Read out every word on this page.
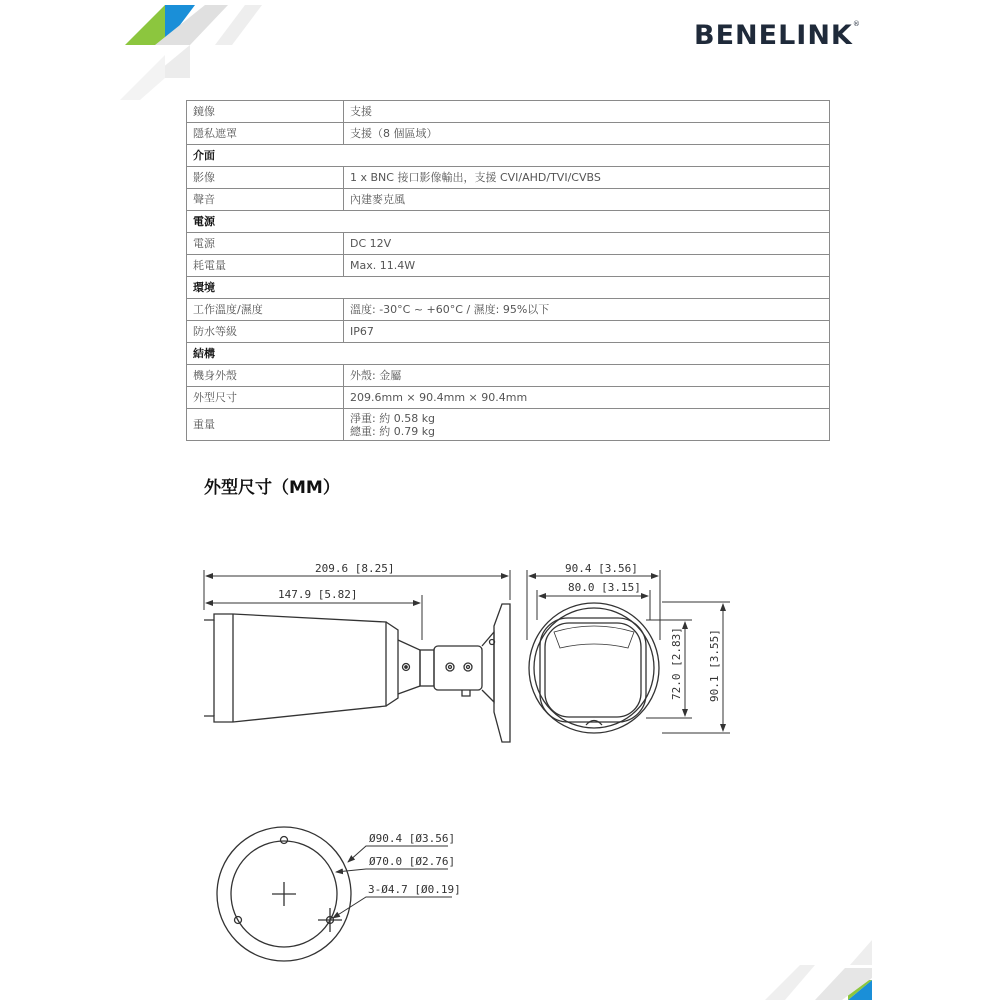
BENELINK®
鏡像	支援

隱私遮罩	支援（8 個區域）

介面	
影像	1 x BNC 接口影像輸出，支援 CVI/AHD/TVI/CVBS

聲音	內建麥克風

電源	
電源	DC 12V

耗電量	Max. 11.4W

環境	
工作溫度/濕度	溫度: -30°C ~ +60°C / 濕度: 95%以下

防水等級	IP67

結構	
機身外殼	外殼: 金屬

外型尺寸	209.6mm × 90.4mm × 90.4mm

重量	淨重: 約 0.58 kg
總重: 約 0.79 kg
外型尺寸（MM）
209.6 [8.25]
147.9 [5.82]
90.4 [3.56]
80.0 [3.15]
72.0 [2.83] 90.1 [3.55]
Ø90.4 [Ø3.56]
Ø70.0 [Ø2.76]
3-Ø4.7 [Ø0.19]
